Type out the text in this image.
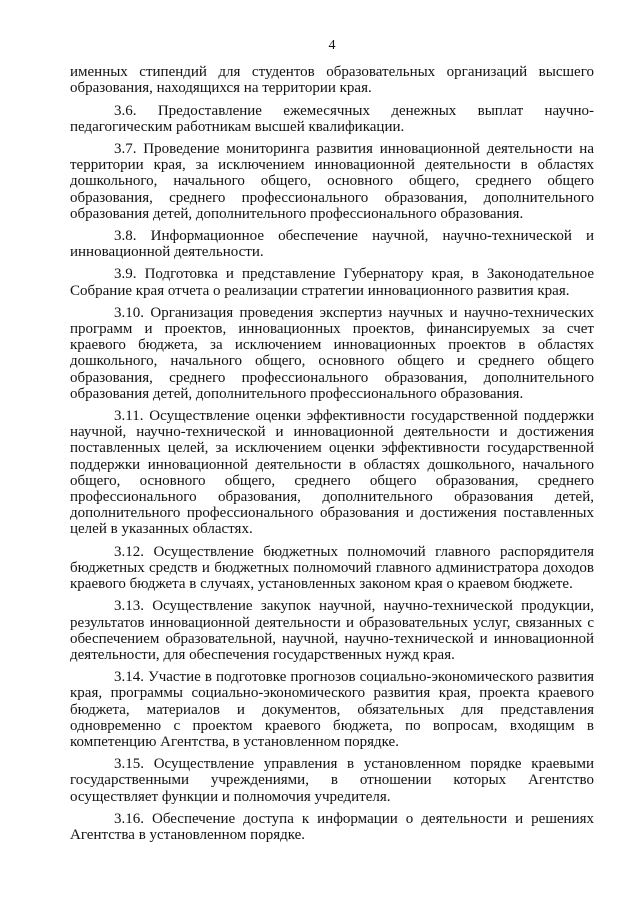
4

именных стипендий для студентов образовательных организаций высшего образования, находящихся на территории края.

3.6. Предоставление ежемесячных денежных выплат научно-педагогическим работникам высшей квалификации.

3.7. Проведение мониторинга развития инновационной деятельности на территории края, за исключением инновационной деятельности в областях дошкольного, начального общего, основного общего, среднего общего образования, среднего профессионального образования, дополнительного образования детей, дополнительного профессионального образования.

3.8. Информационное обеспечение научной, научно-технической и инновационной деятельности.

3.9. Подготовка и представление Губернатору края, в Законодательное Собрание края отчета о реализации стратегии инновационного развития края.

3.10. Организация проведения экспертиз научных и научно-технических программ и проектов, инновационных проектов, финансируемых за счет краевого бюджета, за исключением инновационных проектов в областях дошкольного, начального общего, основного общего и среднего общего образования, среднего профессионального образования, дополнительного образования детей, дополнительного профессионального образования.

3.11. Осуществление оценки эффективности государственной поддержки научной, научно-технической и инновационной деятельности и достижения поставленных целей, за исключением оценки эффективности государственной поддержки инновационной деятельности в областях дошкольного, начального общего, основного общего, среднего общего образования, среднего профессионального образования, дополнительного образования детей, дополнительного профессионального образования и достижения поставленных целей в указанных областях.

3.12. Осуществление бюджетных полномочий главного распорядителя бюджетных средств и бюджетных полномочий главного администратора доходов краевого бюджета в случаях, установленных законом края о краевом бюджете.

3.13. Осуществление закупок научной, научно-технической продукции, результатов инновационной деятельности и образовательных услуг, связанных с обеспечением образовательной, научной, научно-технической и инновационной деятельности, для обеспечения государственных нужд края.

3.14. Участие в подготовке прогнозов социально-экономического развития края, программы социально-экономического развития края, проекта краевого бюджета, материалов и документов, обязательных для представления одновременно с проектом краевого бюджета, по вопросам, входящим в компетенцию Агентства, в установленном порядке.

3.15. Осуществление управления в установленном порядке краевыми государственными учреждениями, в отношении которых Агентство осуществляет функции и полномочия учредителя.

3.16. Обеспечение доступа к информации о деятельности и решениях Агентства в установленном порядке.
